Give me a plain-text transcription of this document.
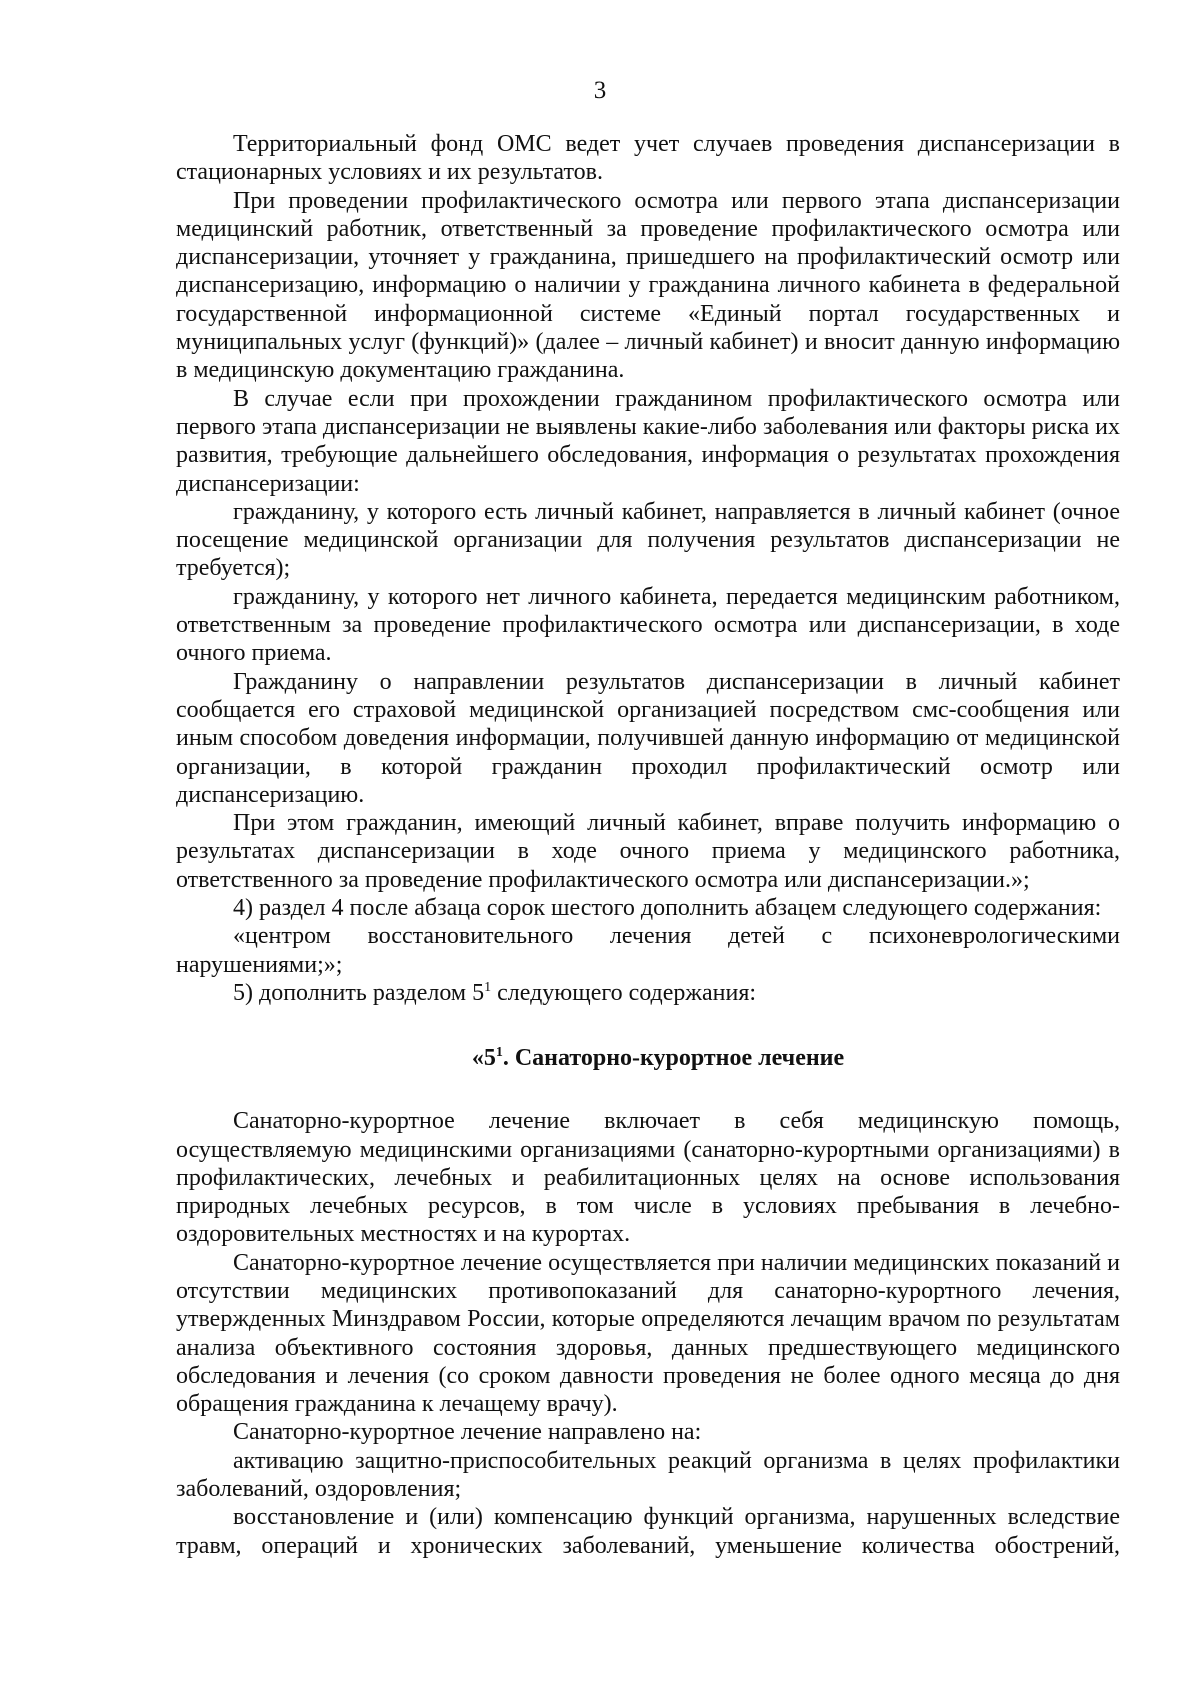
3

Территориальный фонд ОМС ведет учет случаев проведения диспансеризации в стационарных условиях и их результатов.

При проведении профилактического осмотра или первого этапа диспансеризации медицинский работник, ответственный за проведение профилактического осмотра или диспансеризации, уточняет у гражданина, пришедшего на профилактический осмотр или диспансеризацию, информацию о наличии у гражданина личного кабинета в федеральной государственной информационной системе «Единый портал государственных и муниципальных услуг (функций)» (далее – личный кабинет) и вносит данную информацию в медицинскую документацию гражданина.

В случае если при прохождении гражданином профилактического осмотра или первого этапа диспансеризации не выявлены какие-либо заболевания или факторы риска их развития, требующие дальнейшего обследования, информация о результатах прохождения диспансеризации:

гражданину, у которого есть личный кабинет, направляется в личный кабинет (очное посещение медицинской организации для получения результатов диспансеризации не требуется);

гражданину, у которого нет личного кабинета, передается медицинским работником, ответственным за проведение профилактического осмотра или диспансеризации, в ходе очного приема.

Гражданину о направлении результатов диспансеризации в личный кабинет сообщается его страховой медицинской организацией посредством смс-сообщения или иным способом доведения информации, получившей данную информацию от медицинской организации, в которой гражданин проходил профилактический осмотр или диспансеризацию.

При этом гражданин, имеющий личный кабинет, вправе получить информацию о результатах диспансеризации в ходе очного приема у медицинского работника, ответственного за проведение профилактического осмотра или диспансеризации.»;

4) раздел 4 после абзаца сорок шестого дополнить абзацем следующего содержания:

«центром восстановительного лечения детей с психоневрологическими нарушениями;»;

5) дополнить разделом $5^1$ следующего содержания:

«$5^1$. Санаторно-курортное лечение

Санаторно-курортное лечение включает в себя медицинскую помощь, осуществляемую медицинскими организациями (санаторно-курортными организациями) в профилактических, лечебных и реабилитационных целях на основе использования природных лечебных ресурсов, в том числе в условиях пребывания в лечебно-оздоровительных местностях и на курортах.

Санаторно-курортное лечение осуществляется при наличии медицинских показаний и отсутствии медицинских противопоказаний для санаторно-курортного лечения, утвержденных Минздравом России, которые определяются лечащим врачом по результатам анализа объективного состояния здоровья, данных предшествующего медицинского обследования и лечения (со сроком давности проведения не более одного месяца до дня обращения гражданина к лечащему врачу).

Санаторно-курортное лечение направлено на:

активацию защитно-приспособительных реакций организма в целях профилактики заболеваний, оздоровления;

восстановление и (или) компенсацию функций организма, нарушенных вследствие травм, операций и хронических заболеваний, уменьшение количества обострений,
